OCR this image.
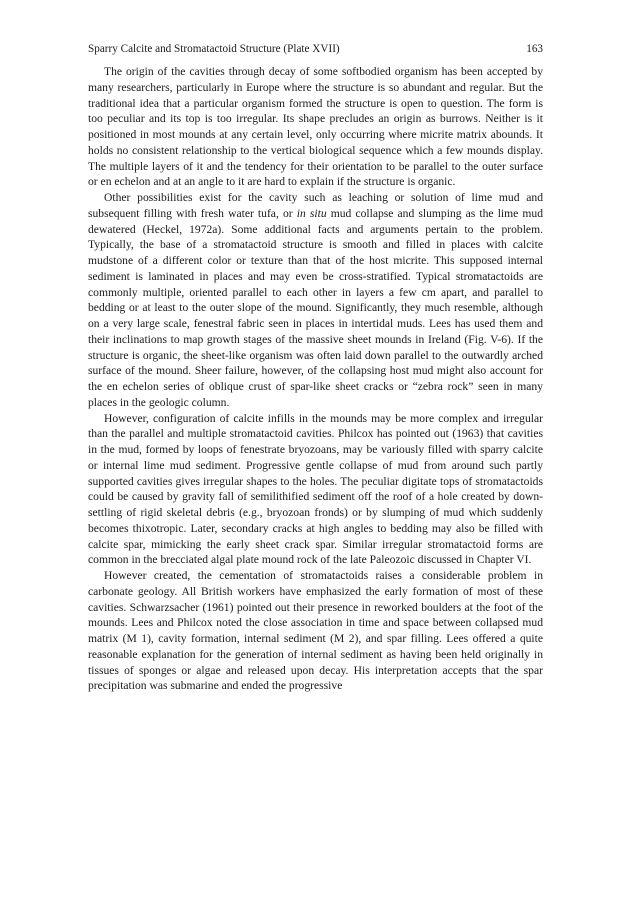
Sparry Calcite and Stromatactoid Structure (Plate XVII)	163

The origin of the cavities through decay of some softbodied organism has been accepted by many researchers, particularly in Europe where the structure is so abundant and regular. But the traditional idea that a particular organism formed the structure is open to question. The form is too peculiar and its top is too irregular. Its shape precludes an origin as burrows. Neither is it positioned in most mounds at any certain level, only occurring where micrite matrix abounds. It holds no consistent relationship to the vertical biological sequence which a few mounds display. The multiple layers of it and the tendency for their orientation to be parallel to the outer surface or en echelon and at an angle to it are hard to explain if the structure is organic.

Other possibilities exist for the cavity such as leaching or solution of lime mud and subsequent filling with fresh water tufa, or in situ mud collapse and slumping as the lime mud dewatered (Heckel, 1972a). Some additional facts and arguments pertain to the problem. Typically, the base of a stromatactoid structure is smooth and filled in places with calcite mudstone of a different color or texture than that of the host micrite. This supposed internal sediment is laminated in places and may even be cross-stratified. Typical stromatactoids are commonly multiple, oriented parallel to each other in layers a few cm apart, and parallel to bedding or at least to the outer slope of the mound. Significantly, they much resemble, although on a very large scale, fenestral fabric seen in places in intertidal muds. Lees has used them and their inclinations to map growth stages of the massive sheet mounds in Ireland (Fig. V-6). If the structure is organic, the sheet-like organism was often laid down parallel to the outwardly arched surface of the mound. Sheer failure, however, of the collapsing host mud might also account for the en echelon series of oblique crust of spar-like sheet cracks or “zebra rock” seen in many places in the geologic column.

However, configuration of calcite infills in the mounds may be more complex and irregular than the parallel and multiple stromatactoid cavities. Philcox has pointed out (1963) that cavities in the mud, formed by loops of fenestrate bryozoans, may be variously filled with sparry calcite or internal lime mud sediment. Progressive gentle collapse of mud from around such partly supported cavities gives irregular shapes to the holes. The peculiar digitate tops of stromatactoids could be caused by gravity fall of semilithified sediment off the roof of a hole created by down-settling of rigid skeletal debris (e.g., bryozoan fronds) or by slumping of mud which suddenly becomes thixotropic. Later, secondary cracks at high angles to bedding may also be filled with calcite spar, mimicking the early sheet crack spar. Similar irregular stromatactoid forms are common in the brecciated algal plate mound rock of the late Paleozoic discussed in Chapter VI.

However created, the cementation of stromatactoids raises a considerable problem in carbonate geology. All British workers have emphasized the early formation of most of these cavities. Schwarzsacher (1961) pointed out their presence in reworked boulders at the foot of the mounds. Lees and Philcox noted the close association in time and space between collapsed mud matrix (M 1), cavity formation, internal sediment (M 2), and spar filling. Lees offered a quite reasonable explanation for the generation of internal sediment as having been held originally in tissues of sponges or algae and released upon decay. His interpretation accepts that the spar precipitation was submarine and ended the progressive
